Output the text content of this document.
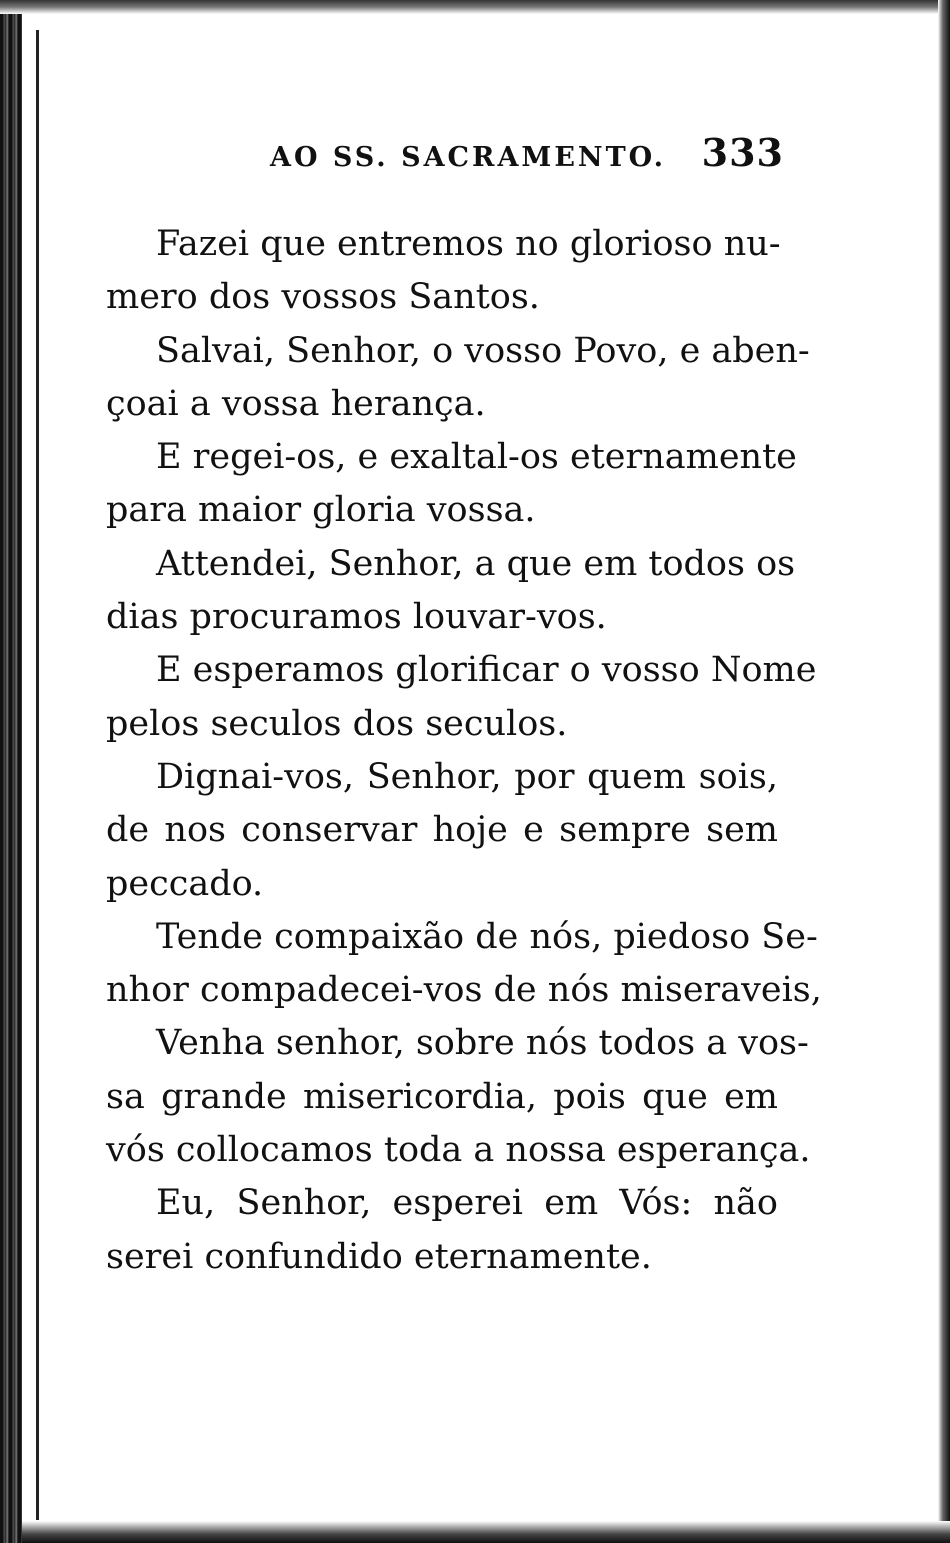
AO SS. SACRAMENTO. 333
Fazei que entremos no glorioso nu-
mero dos vossos Santos.
Salvai, Senhor, o vosso Povo, e aben-
çoai a vossa herança.
E regei-os, e exaltal-os eternamente
para maior gloria vossa.
Attendei, Senhor, a que em todos os
dias procuramos louvar-vos.
E esperamos glorificar o vosso Nome
pelos seculos dos seculos.
Dignai-vos, Senhor, por quem sois,
de nos conservar hoje e sempre sem
peccado.
Tende compaixão de nós, piedoso Se-
nhor compadecei-vos de nós miseraveis,
Venha senhor, sobre nós todos a vos-
sa grande misericordia, pois que em
vós collocamos toda a nossa esperança.
Eu, Senhor, esperei em Vós: não
serei confundido eternamente.
